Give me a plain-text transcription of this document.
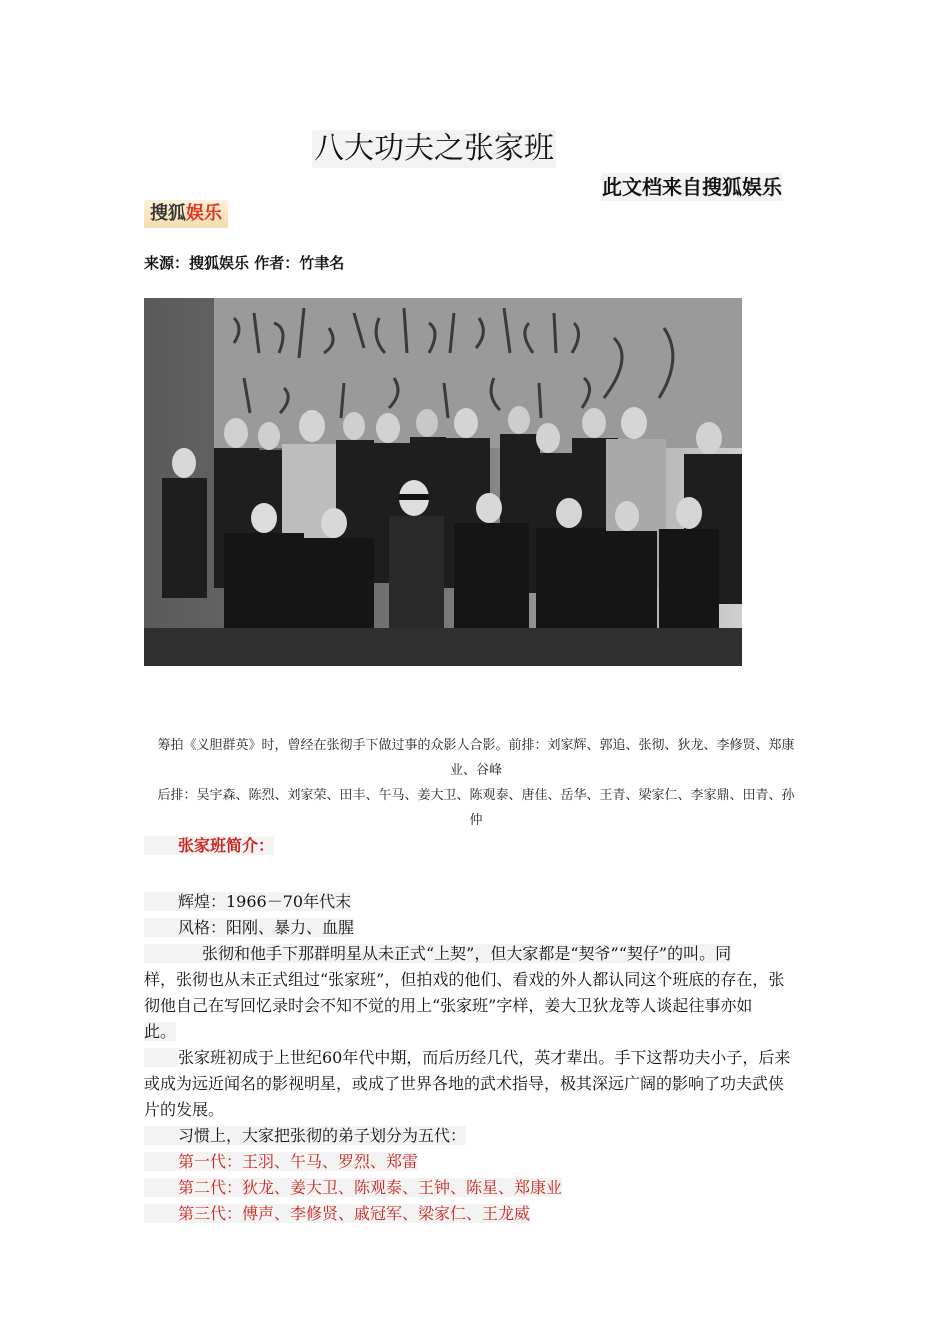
八大功夫之张家班
此文档来自搜狐娱乐
搜狐娱乐
来源：搜狐娱乐 作者：竹聿名
筹拍《义胆群英》时，曾经在张彻手下做过事的众影人合影。前排：刘家辉、郭追、张彻、狄龙、李修贤、郑康
业、谷峰
后排：吴宇森、陈烈、刘家荣、田丰、午马、姜大卫、陈观泰、唐佳、岳华、王青、梁家仁、李家鼎、田青、孙
仲
张家班简介：
辉煌：1966－70年代末
风格：阳刚、暴力、血腥
张彻和他手下那群明星从未正式“上契”，但大家都是“契爷”“契仔”的叫。同
样，张彻也从未正式组过“张家班”，但拍戏的他们、看戏的外人都认同这个班底的存在，张
彻他自己在写回忆录时会不知不觉的用上“张家班”字样，姜大卫狄龙等人谈起往事亦如
此。
张家班初成于上世纪60年代中期，而后历经几代，英才辈出。手下这帮功夫小子，后来
或成为远近闻名的影视明星，或成了世界各地的武术指导，极其深远广阔的影响了功夫武侠
片的发展。
习惯上，大家把张彻的弟子划分为五代：
第一代：王羽、午马、罗烈、郑雷
第二代：狄龙、姜大卫、陈观泰、王钟、陈星、郑康业
第三代：傅声、李修贤、戚冠军、梁家仁、王龙威
